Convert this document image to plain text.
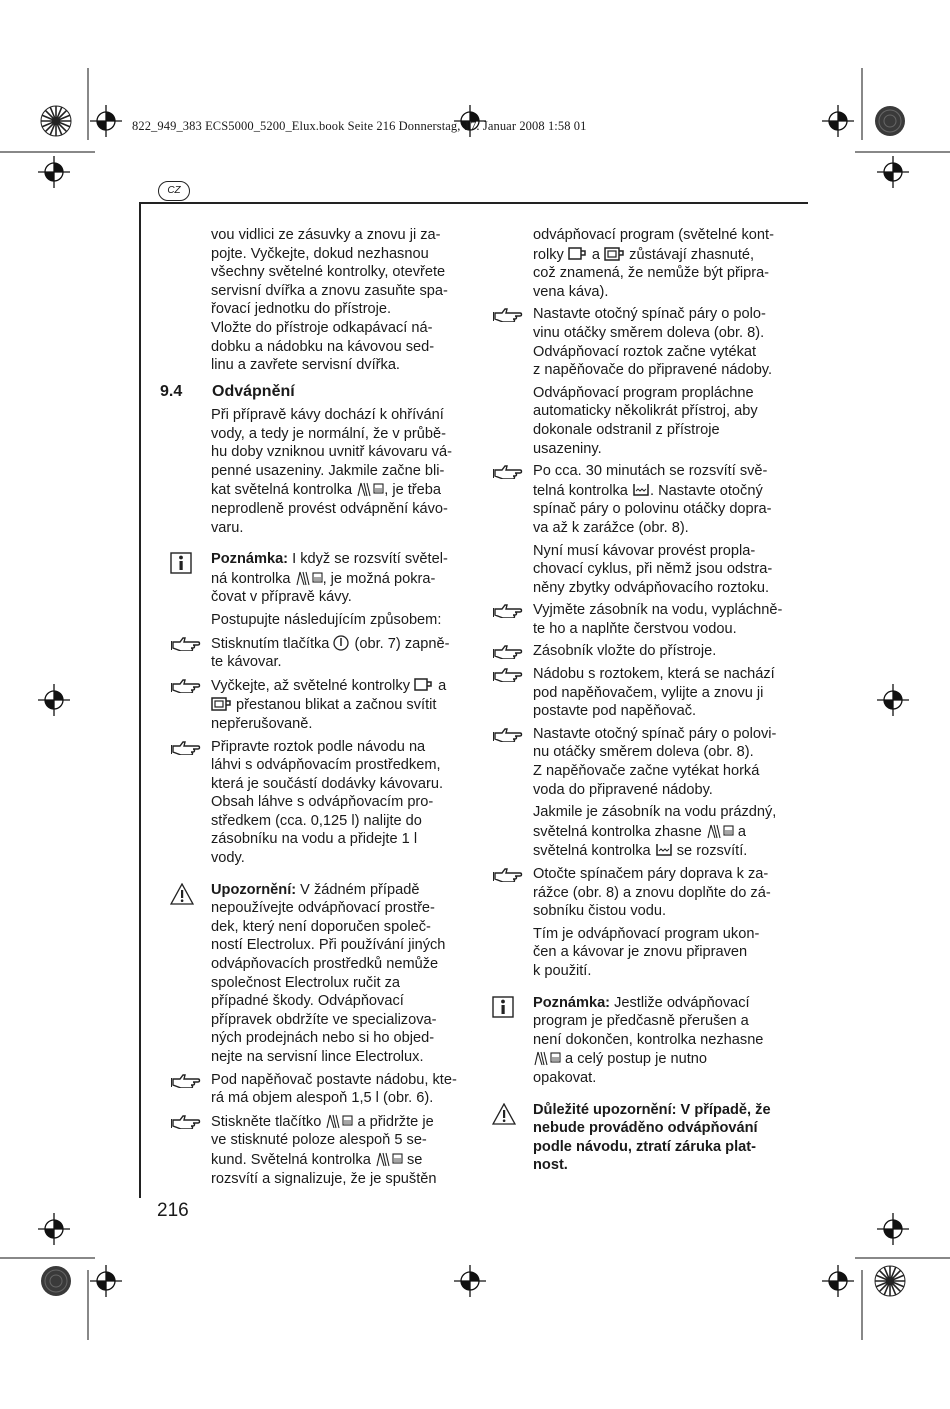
822_949_383 ECS5000_5200_Elux.book Seite 216 Donnerstag, 17. Januar 2008 1:58 01
CZ

vou vidlici ze zásuvky a znovu ji za-

pojte. Vyčkejte, dokud nezhasnou

všechny světelné kontrolky, otevřete

servisní dvířka a znovu zasuňte spa-

řovací jednotku do přístroje.

Vložte do přístroje odkapávací ná-

dobku a nádobku na kávovou sed-

linu a zavřete servisní dvířka.

9.4 Odvápnění

Při přípravě kávy dochází k ohřívání

vody, a tedy je normální, že v průbě-

hu doby vzniknou uvnitř kávovaru vá-

penné usazeniny. Jakmile začne bli-

kat světelná kontrolka , je třeba

neprodleně provést odvápnění kávo-

varu.

Poznámka: I když se rozsvítí světel-

ná kontrolka , je možná pokra-

čovat v přípravě kávy.

Postupujte následujícím způsobem:

Stisknutím tlačítka  (obr. 7) zapně-

te kávovar.

Vyčkejte, až světelné kontrolky  a

přestanou blikat a začnou svítit

nepřerušovaně.

Připravte roztok podle návodu na

láhvi s odvápňovacím prostředkem,

která je součástí dodávky kávovaru.

Obsah láhve s odvápňovacím pro-

středkem (cca. 0,125 l) nalijte do

zásobníku na vodu a přidejte 1 l

vody.

Upozornění: V žádném případě

nepoužívejte odvápňovací prostře-

dek, který není doporučen společ-

ností Electrolux. Při používání jiných

odvápňovacích prostředků nemůže

společnost Electrolux ručit za

případné škody. Odvápňovací

přípravek obdržíte ve specializova-

ných prodejnách nebo si ho objed-

nejte na servisní lince Electrolux.

Pod napěňovač postavte nádobu, kte-

rá má objem alespoň 1,5 l (obr. 6).

Stiskněte tlačítko  a přidržte je

ve stisknuté poloze alespoň 5 se-

kund. Světelná kontrolka  se

rozsvítí a signalizuje, že je spuštěn

odvápňovací program (světelné kont-

rolky  a  zůstávají zhasnuté,

což znamená, že nemůže být připra-

vena káva).

Nastavte otočný spínač páry o polo-

vinu otáčky směrem doleva (obr. 8).

Odvápňovací roztok začne vytékat

z napěňovače do připravené nádoby.

Odvápňovací program propláchne

automaticky několikrát přístroj, aby

dokonale odstranil z přístroje

usazeniny.

Po cca. 30 minutách se rozsvítí svě-

telná kontrolka . Nastavte otočný

spínač páry o polovinu otáčky dopra-

va až k zarážce (obr. 8).

Nyní musí kávovar provést propla-

chovací cyklus, při němž jsou odstra-

něny zbytky odvápňovacího roztoku.

Vyjměte zásobník na vodu, vypláchně-

te ho a naplňte čerstvou vodou.

Zásobník vložte do přístroje.

Nádobu s roztokem, která se nachází

pod napěňovačem, vylijte a znovu ji

postavte pod napěňovač.

Nastavte otočný spínač páry o polovi-

nu otáčky směrem doleva (obr. 8).

Z napěňovače začne vytékat horká

voda do připravené nádoby.

Jakmile je zásobník na vodu prázdný,

světelná kontrolka zhasne  a

světelná kontrolka  se rozsvítí.

Otočte spínačem páry doprava k za-

rážce (obr. 8) a znovu doplňte do zá-

sobníku čistou vodu.

Tím je odvápňovací program ukon-

čen a kávovar je znovu připraven

k použití.

Poznámka: Jestliže odvápňovací

program je předčasně přerušen a

není dokončen, kontrolka nezhasne

a celý postup je nutno

opakovat.

Důležité upozornění: V případě, že

nebude prováděno odvápňování

podle návodu, ztratí záruka plat-

nost.

216
